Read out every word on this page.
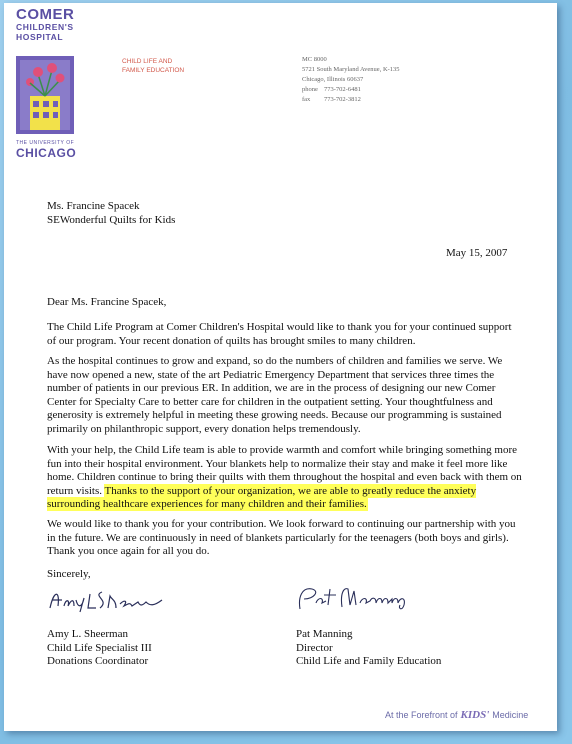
COMER
CHILDREN'S
HOSPITAL
THE UNIVERSITY OF
CHICAGO
CHILD LIFE AND
FAMILY EDUCATION
MC 8000
5721 South Maryland Avenue, K-135
Chicago, Illinois 60637
phone 773-702-6481
fax 773-702-3812
Ms. Francine Spacek
SEWonderful Quilts for Kids
May 15, 2007
Dear Ms. Francine Spacek,
The Child Life Program at Comer Children's Hospital would like to thank you for your continued support of our program. Your recent donation of quilts has brought smiles to many children.
As the hospital continues to grow and expand, so do the numbers of children and families we serve. We have now opened a new, state of the art Pediatric Emergency Department that services three times the number of patients in our previous ER. In addition, we are in the process of designing our new Comer Center for Specialty Care to better care for children in the outpatient setting. Your thoughtfulness and generosity is extremely helpful in meeting these growing needs. Because our programming is sustained primarily on philanthropic support, every donation helps tremendously.
With your help, the Child Life team is able to provide warmth and comfort while bringing something more fun into their hospital environment. Your blankets help to normalize their stay and make it feel more like home. Children continue to bring their quilts with them throughout the hospital and even back with them on return visits. Thanks to the support of your organization, we are able to greatly reduce the anxiety surrounding healthcare experiences for many children and their families.
We would like to thank you for your contribution. We look forward to continuing our partnership with you in the future. We are continuously in need of blankets particularly for the teenagers (both boys and girls). Thank you once again for all you do.
Sincerely,
Amy L. Sheerman
Child Life Specialist III
Donations Coordinator
Pat Manning
Director
Child Life and Family Education
At the Forefront of KIDS' Medicine
